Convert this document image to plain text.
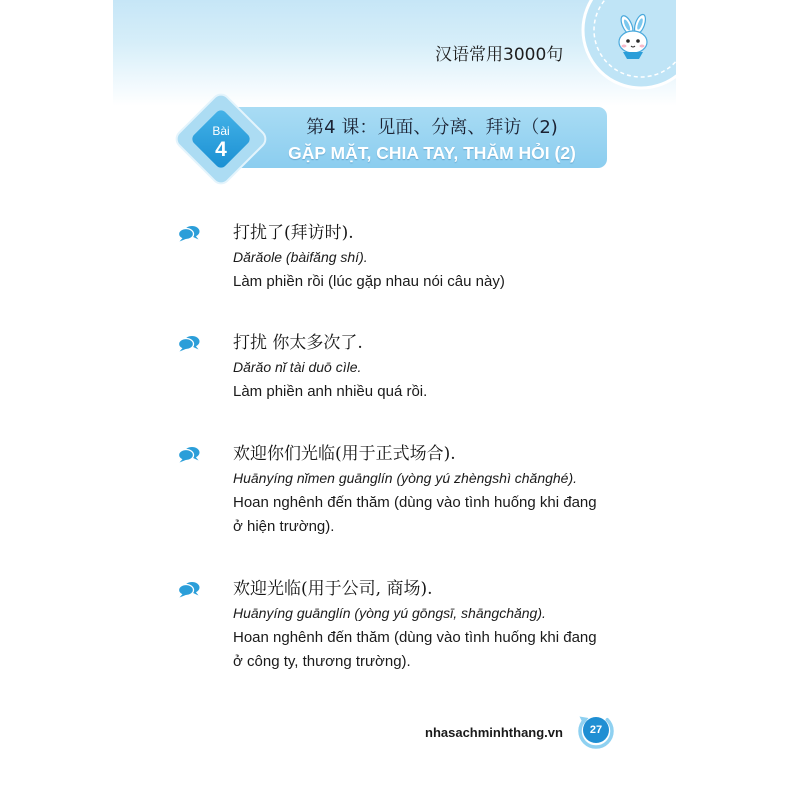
汉语常用3000句
Bài
4
第4 课：见面、分离、拜访（2)
GẶP MẶT, CHIA TAY, THĂM HỎI (2)
打扰了(拜访时).
Dărăole (bàifăng shí).
Làm phiền rồi (lúc gặp nhau nói câu này)
打扰 你太多次了.
Dărăo nĭ tài duō cìle.
Làm phiền anh nhiều quá rồi.
欢迎你们光临(用于正式场合).
Huānyíng nĭmen guānglín (yòng yú zhèngshì chănghé).
Hoan nghênh đến thăm (dùng vào tình huống khi đang
ở hiện trường).
欢迎光临(用于公司, 商场).
Huānyíng guānglín (yòng yú gōngsī, shāngchăng).
Hoan nghênh đến thăm (dùng vào tình huống khi đang
ở công ty, thương trường).
nhasachminhthang.vn	27
